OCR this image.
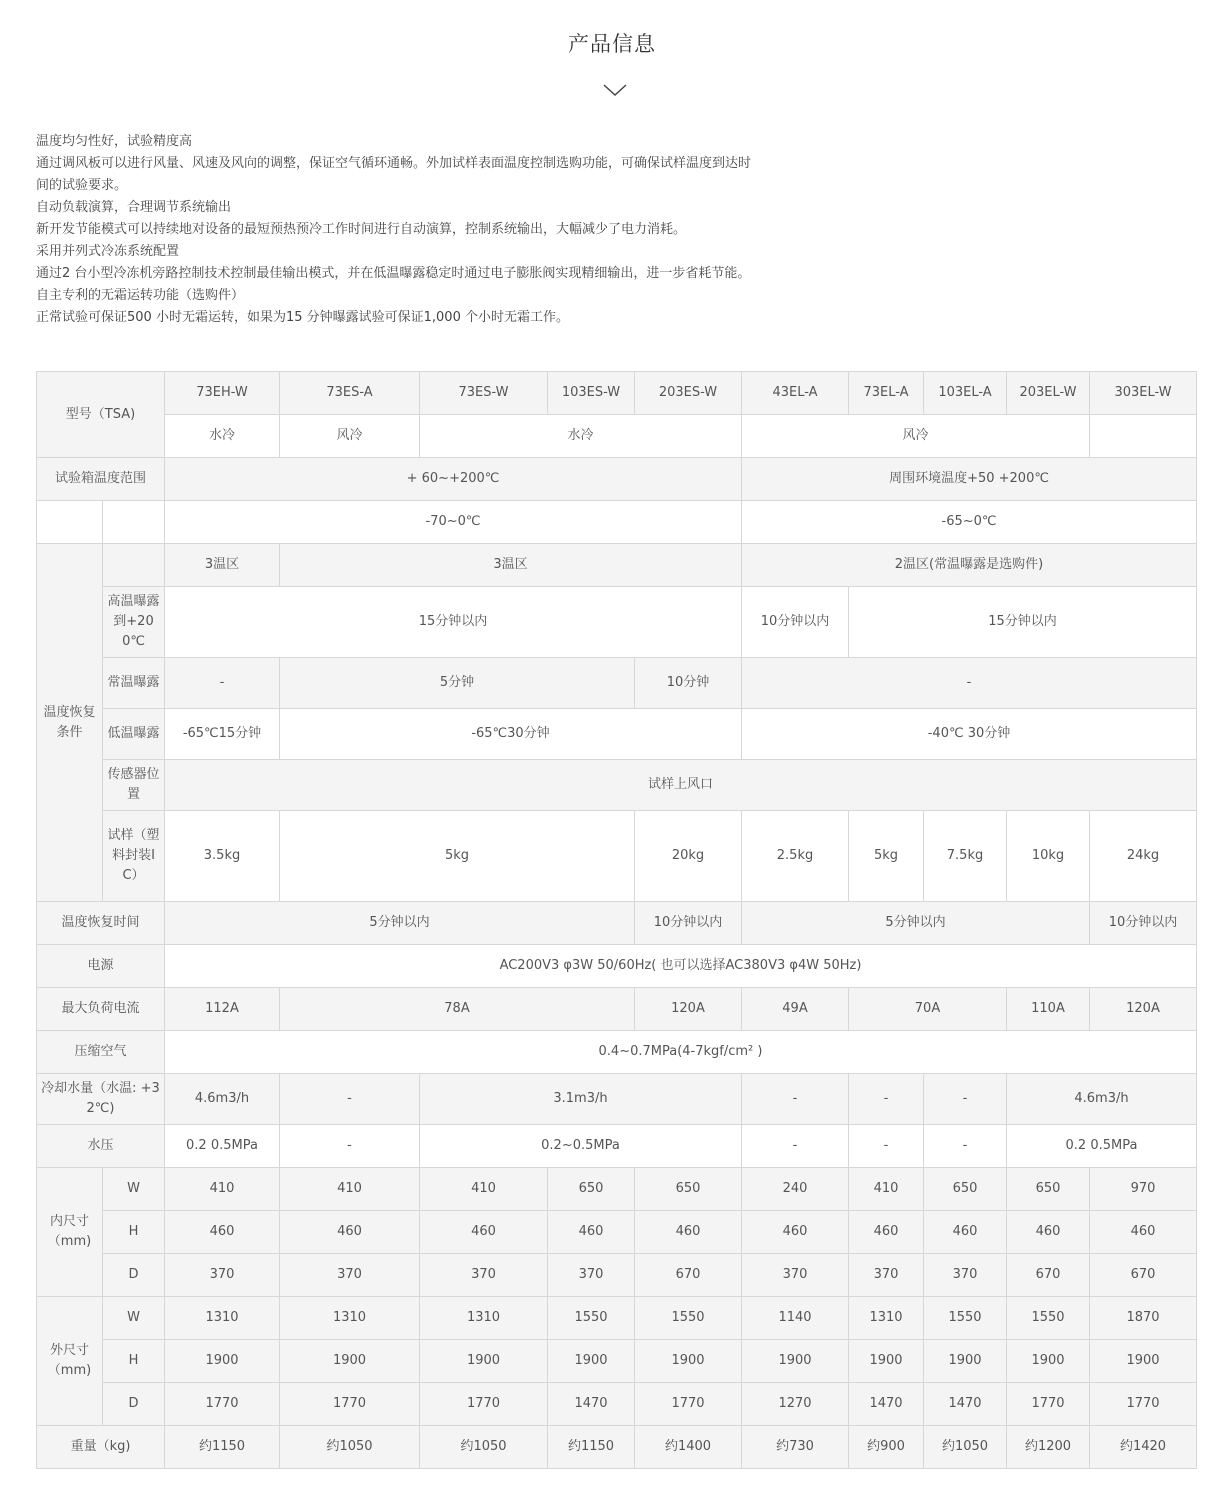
产品信息

温度均匀性好，试验精度高

通过调风板可以进行风量、风速及风向的调整，保证空气循环通畅。外加试样表面温度控制选购功能，可确保试样温度到达时间的试验要求。

自动负载演算，合理调节系统输出

新开发节能模式可以持续地对设备的最短预热预冷工作时间进行自动演算，控制系统输出，大幅减少了电力消耗。

采用并列式冷冻系统配置

通过2 台小型冷冻机旁路控制技术控制最佳输出模式，并在低温曝露稳定时通过电子膨胀阀实现精细输出，进一步省耗节能。

自主专利的无霜运转功能（选购件）

正常试验可保证500 小时无霜运转，如果为15 分钟曝露试验可保证1,000 个小时无霜工作。

型号（TSA)		73EH-W	73ES-A	73ES-W	103ES-W	203ES-W	43EL-A	73EL-A	103EL-A	203EL-W	303EL-W	
		水冷	风冷	水冷			风冷		
试验箱温度范围		+ 60~+200℃					周围环境温度+50 +200℃					
		-70~0℃					-65~0℃					
温度恢复条件		3温区	3温区				2温区(常温曝露是选购件)					
	高温曝露到+200℃	15分钟以内					10分钟以内	15分钟以内				
	常温曝露	-	5分钟			10分钟	-					
	低温曝露	-65℃15分钟	-65℃30分钟				-40℃ 30分钟					
	传感器位置	试样上风口										
	试样（塑料封装IC）	3.5kg	5kg			20kg	2.5kg	5kg	7.5kg	10kg	24kg	
温度恢复时间		5分钟以内				10分钟以内	5分钟以内				10分钟以内	
电源		AC200V3 φ3W 50/60Hz( 也可以选择AC380V3 φ4W 50Hz)										
最大负荷电流		112A	78A			120A	49A	70A		110A	120A	
压缩空气		0.4~0.7MPa(4-7kgf/cm² )										
冷却水量（水温: +32℃)		4.6m3/h	-	3.1m3/h			-	-	-	4.6m3/h		
水压		0.2 0.5MPa	-	0.2~0.5MPa			-	-	-	0.2 0.5MPa		
内尺寸（mm)	W	410	410	410	650	650	240	410	650	650	970	
	H	460	460	460	460	460	460	460	460	460	460	
	D	370	370	370	370	670	370	370	370	670	670	
外尺寸（mm)	W	1310	1310	1310	1550	1550	1140	1310	1550	1550	1870	
	H	1900	1900	1900	1900	1900	1900	1900	1900	1900	1900	
	D	1770	1770	1770	1470	1770	1270	1470	1470	1770	1770	
重量（kg)		约1150	约1050	约1050	约1150	约1400	约730	约900	约1050	约1200	约1420	
